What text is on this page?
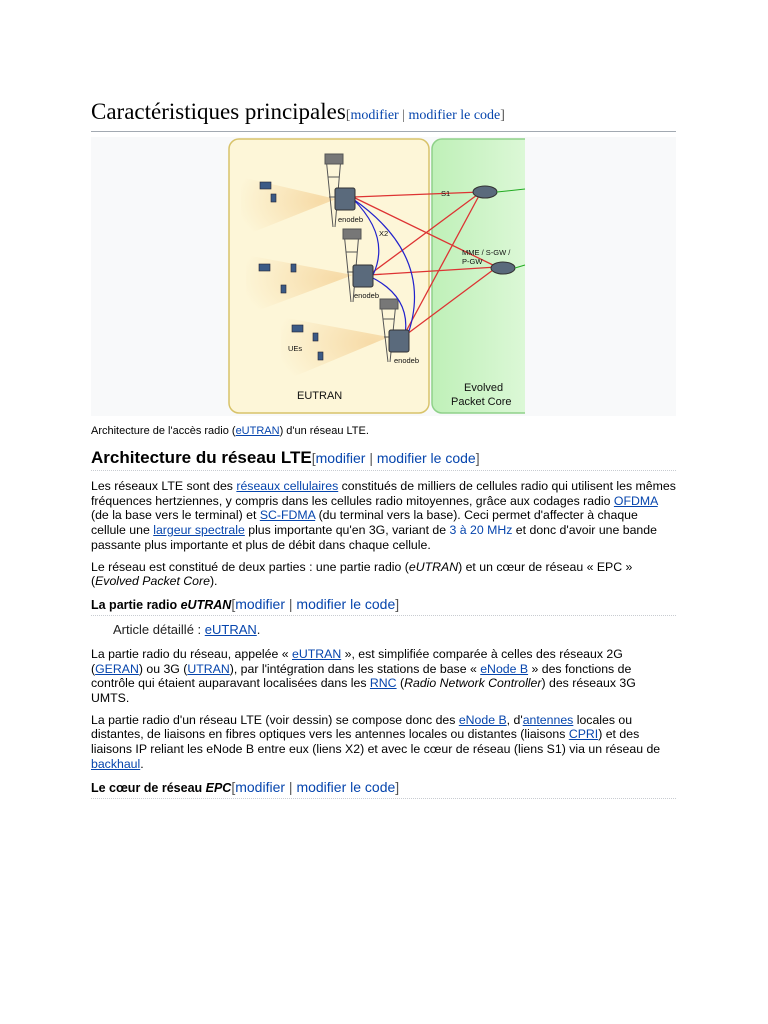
Caractéristiques principales[modifier | modifier le code]
S1
X2
enodeb
enodeb
enodeb
UEs
MME / S-GW /
P-GW
EUTRAN
Evolved
Packet Core
Architecture de l'accès radio (eUTRAN) d'un réseau LTE.
Architecture du réseau LTE[modifier | modifier le code]

Les réseaux LTE sont des réseaux cellulaires constitués de milliers de cellules radio qui utilisent les mêmes fréquences hertziennes, y compris dans les cellules radio mitoyennes, grâce aux codages radio OFDMA (de la base vers le terminal) et SC-FDMA (du terminal vers la base). Ceci permet d'affecter à chaque cellule une largeur spectrale plus importante qu'en 3G, variant de 3 à 20 MHz et donc d'avoir une bande passante plus importante et plus de débit dans chaque cellule.

Le réseau est constitué de deux parties : une partie radio (eUTRAN) et un cœur de réseau « EPC » (Evolved Packet Core).

La partie radio eUTRAN[modifier | modifier le code]
Article détaillé : eUTRAN.

La partie radio du réseau, appelée « eUTRAN », est simplifiée comparée à celles des réseaux 2G (GERAN) ou 3G (UTRAN), par l'intégration dans les stations de base « eNode B » des fonctions de contrôle qui étaient auparavant localisées dans les RNC (Radio Network Controller) des réseaux 3G UMTS.

La partie radio d'un réseau LTE (voir dessin) se compose donc des eNode B, d'antennes locales ou distantes, de liaisons en fibres optiques vers les antennes locales ou distantes (liaisons CPRI) et des liaisons IP reliant les eNode B entre eux (liens X2) et avec le cœur de réseau (liens S1) via un réseau de backhaul.

Le cœur de réseau EPC[modifier | modifier le code]
